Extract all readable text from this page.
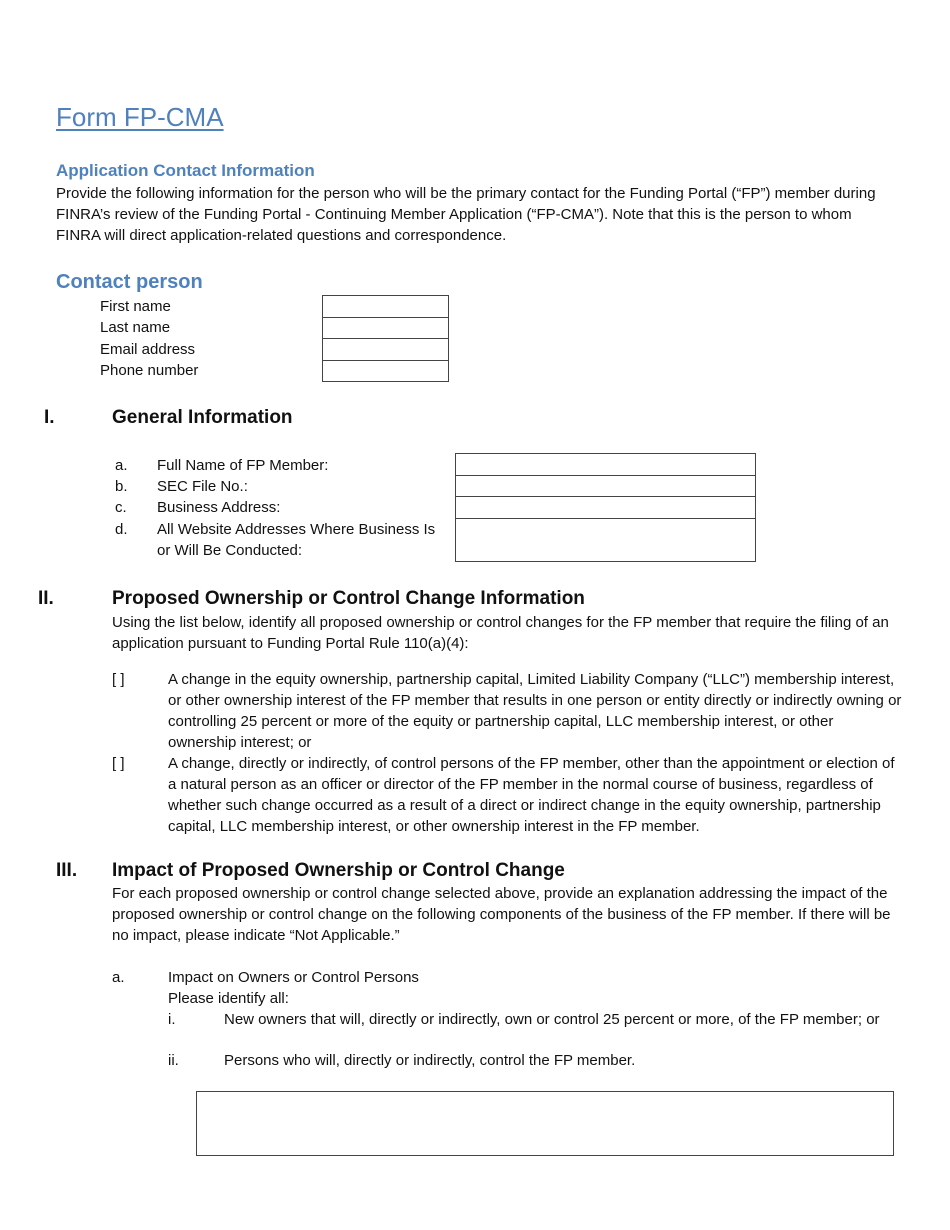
Form FP-CMA
Application Contact Information
Provide the following information for the person who will be the primary contact for the Funding Portal (“FP”) member during FINRA’s review of the Funding Portal - Continuing Member Application (“FP-CMA”). Note that this is the person to whom FINRA will direct application-related questions and correspondence.
Contact person
First name
Last name
Email address
Phone number
I.	General Information
a. Full Name of FP Member:
b. SEC File No.:
c. Business Address:
d. All Website Addresses Where Business Is or Will Be Conducted:
II.	Proposed Ownership or Control Change Information
Using the list below, identify all proposed ownership or control changes for the FP member that require the filing of an application pursuant to Funding Portal Rule 110(a)(4):
[ ]	A change in the equity ownership, partnership capital, Limited Liability Company (“LLC”) membership interest, or other ownership interest of the FP member that results in one person or entity directly or indirectly owning or controlling 25 percent or more of the equity or partnership capital, LLC membership interest, or other ownership interest; or
[ ]	A change, directly or indirectly, of control persons of the FP member, other than the appointment or election of a natural person as an officer or director of the FP member in the normal course of business, regardless of whether such change occurred as a result of a direct or indirect change in the equity ownership, partnership capital, LLC membership interest, or other ownership interest in the FP member.
III. Impact of Proposed Ownership or Control Change
For each proposed ownership or control change selected above, provide an explanation addressing the impact of the proposed ownership or control change on the following components of the business of the FP member. If there will be no impact, please indicate “Not Applicable.”
a.	Impact on Owners or Control Persons
Please identify all:
i.	New owners that will, directly or indirectly, own or control 25 percent or more, of the FP member; or
ii.	Persons who will, directly or indirectly, control the FP member.
